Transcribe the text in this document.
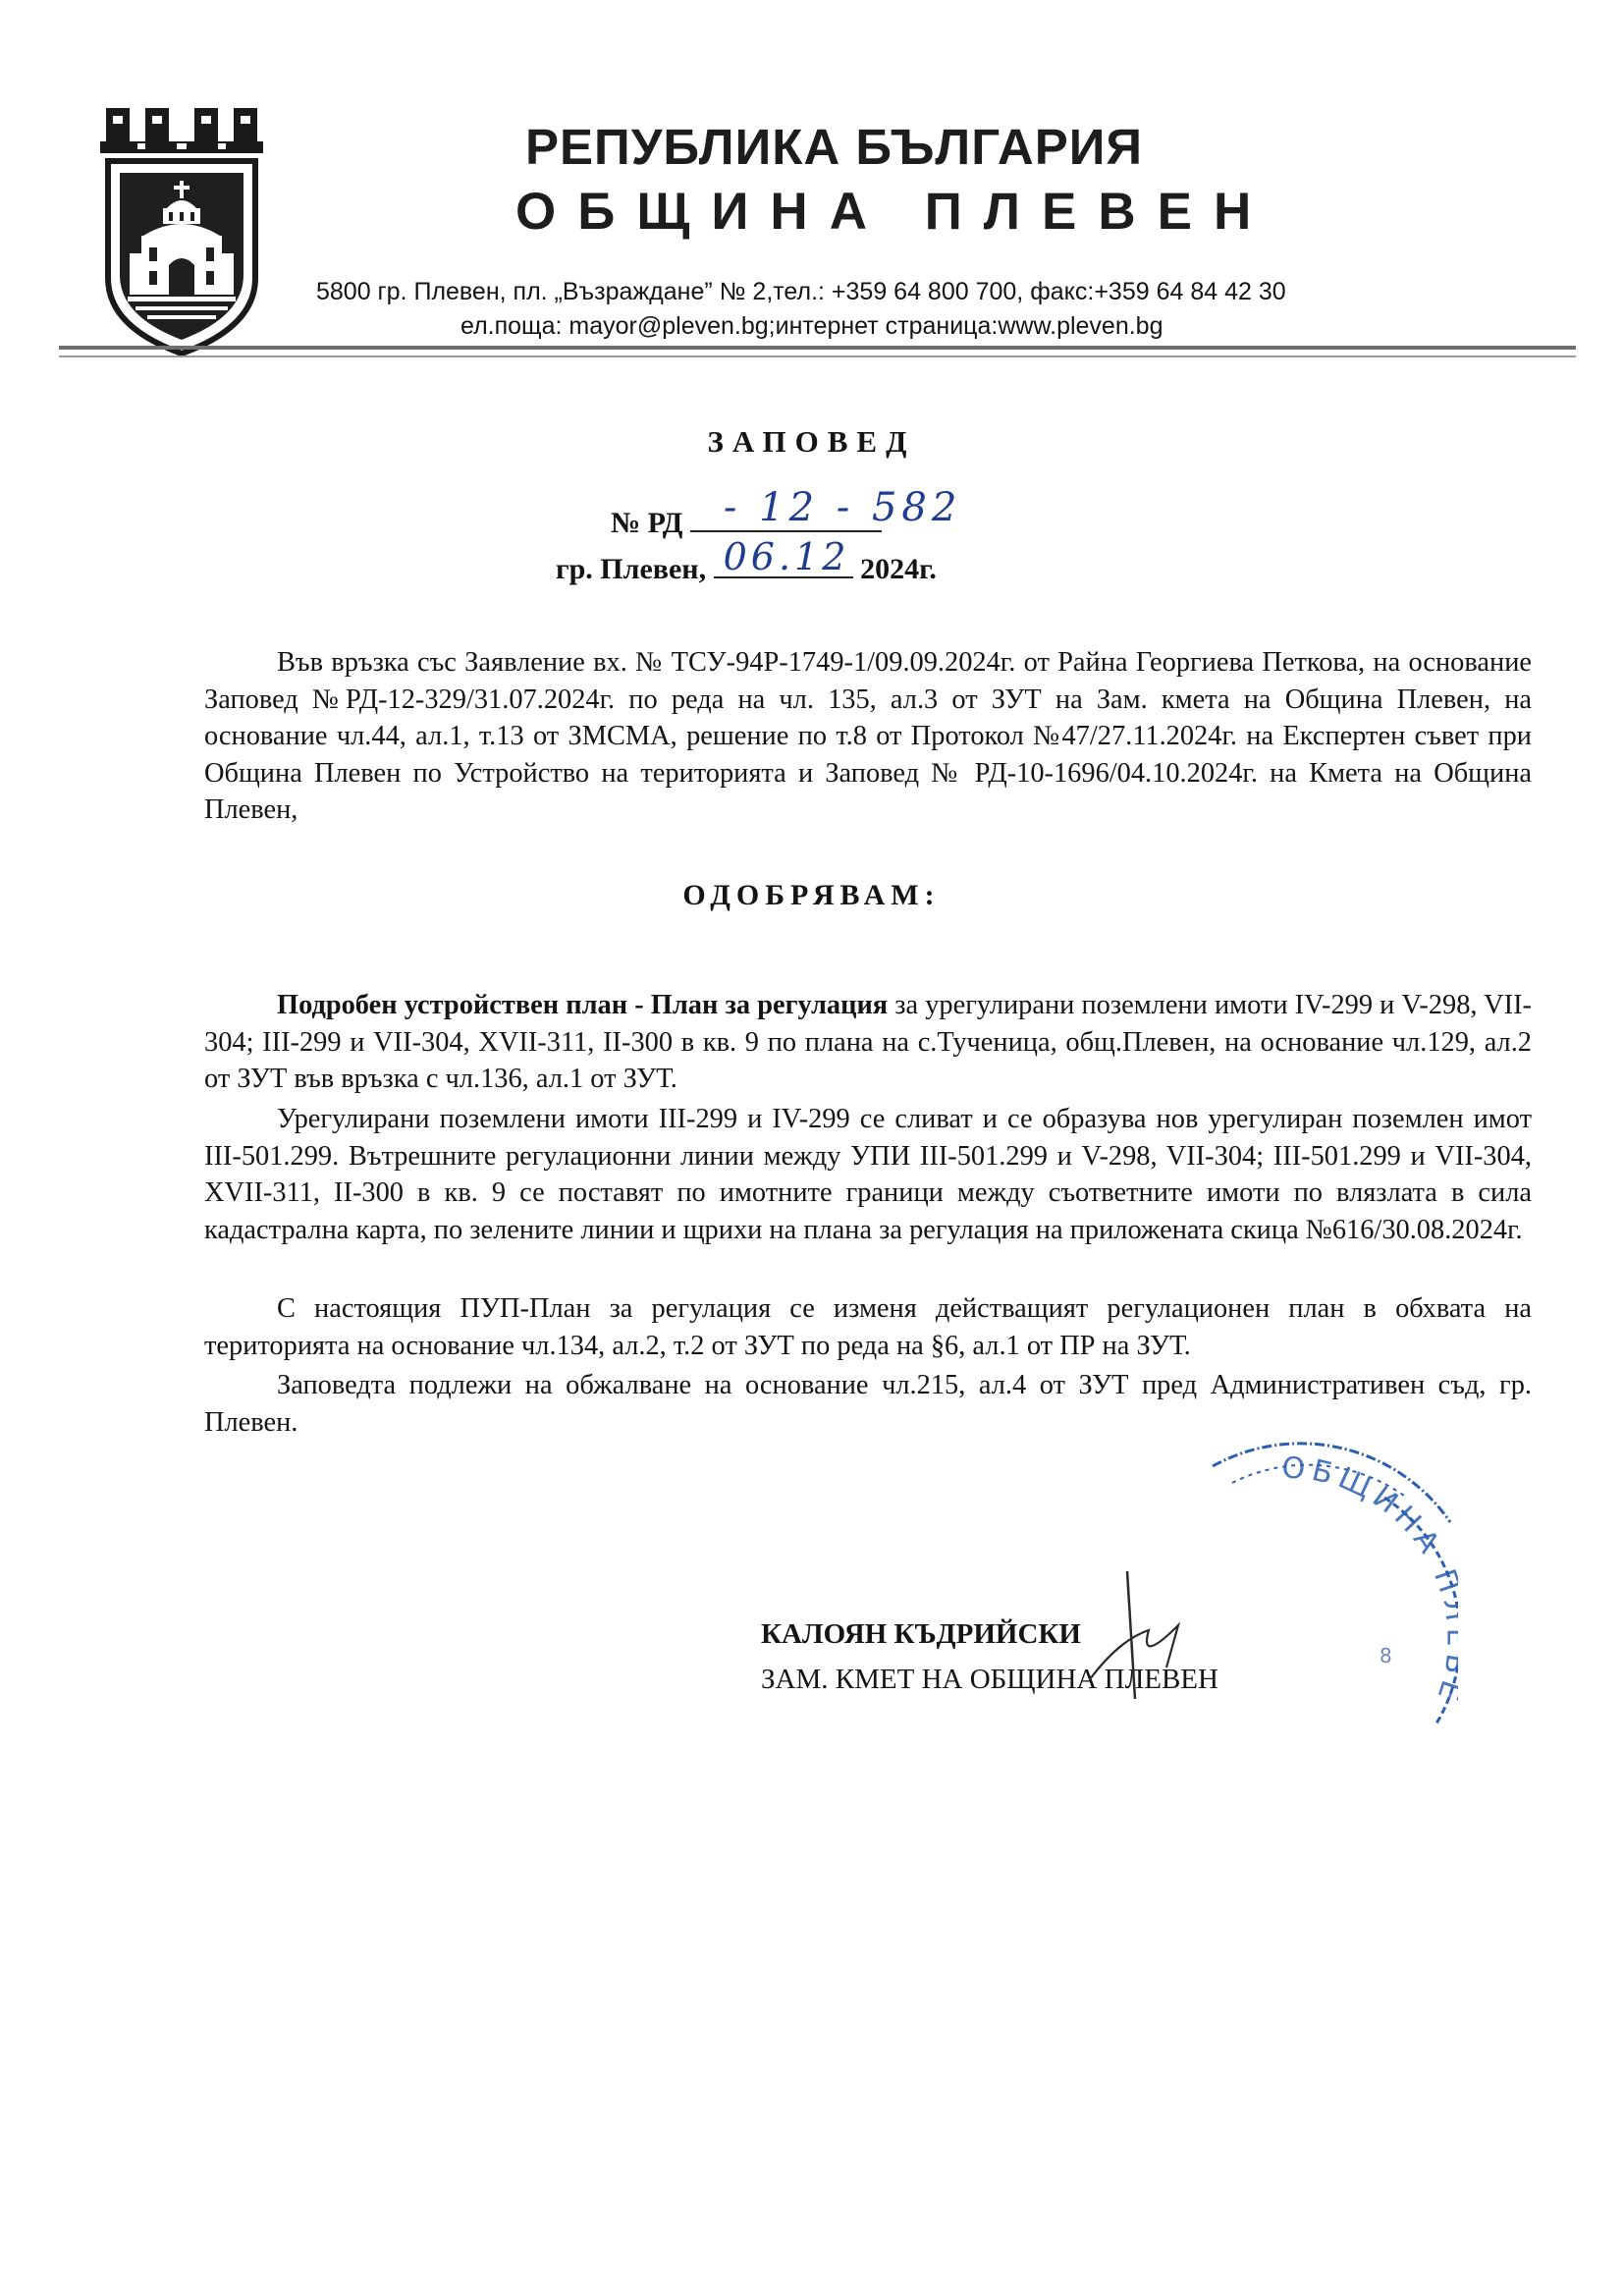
РЕПУБЛИКА БЪЛГАРИЯ
ОБЩИНА ПЛЕВЕН
5800 гр. Плевен, пл. „Възраждане” № 2,тел.: +359 64 800 700, факс:+359 64 84 42 30
ел.поща: mayor@pleven.bg;интернет страница:www.pleven.bg
ЗАПОВЕД
№ РД - 12 - 582
гр. Плевен, 06.12 2024г.
Във връзка със Заявление вх. № ТСУ-94Р-1749-1/09.09.2024г. от Райна Георгиева Петкова, на основание Заповед №РД-12-329/31.07.2024г. по реда на чл. 135, ал.3 от ЗУТ на Зам. кмета на Община Плевен, на основание чл.44, ал.1, т.13 от ЗМСМА, решение по т.8 от Протокол №47/27.11.2024г. на Експертен съвет при Община Плевен по Устройство на територията и Заповед № РД-10-1696/04.10.2024г. на Кмета на Община Плевен,
ОДОБРЯВАМ:
Подробен устройствен план - План за регулация за урегулирани поземлени имоти IV-299 и V-298, VII-304; III-299 и VII-304, XVII-311, II-300 в кв. 9 по плана на с.Тученица, общ.Плевен, на основание чл.129, ал.2 от ЗУТ във връзка с чл.136, ал.1 от ЗУТ.
Урегулирани поземлени имоти III-299 и IV-299 се сливат и се образува нов урегулиран поземлен имот III-501.299. Вътрешните регулационни линии между УПИ III-501.299 и V-298, VII-304; III-501.299 и VII-304, XVII-311, II-300 в кв. 9 се поставят по имотните граници между съответните имоти по влязлата в сила кадастрална карта, по зелените линии и щрихи на плана за регулация на приложената скица №616/30.08.2024г.
С настоящия ПУП-План за регулация се изменя действащият регулационен план в обхвата на територията на основание чл.134, ал.2, т.2 от ЗУТ по реда на §6, ал.1 от ПР на ЗУТ.
Заповедта подлежи на обжалване на основание чл.215, ал.4 от ЗУТ пред Административен съд, гр. Плевен.
ОБЩИНА
8
КАЛОЯН КЪДРИЙСКИ
ЗАМ. КМЕТ НА ОБЩИНА ПЛЕВЕН
